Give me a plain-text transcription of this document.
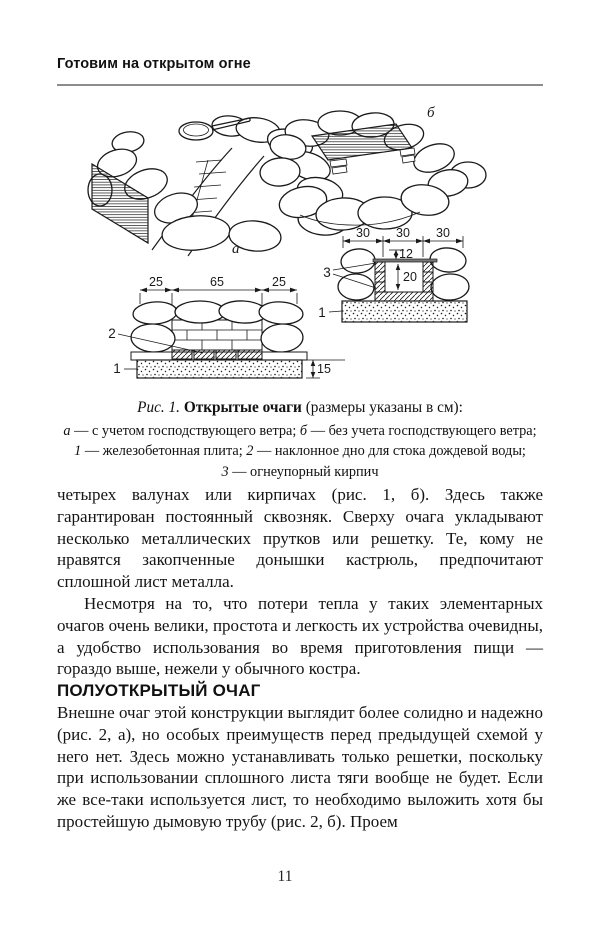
Готовим на открытом огне
а
б
30 30 30
12
20
3
1
25	65	25
15
2
1
Рис. 1. Открытые очаги (размеры указаны в см):
а — с учетом господствующего ветра; б — без учета господствующего ветра;
1 — железобетонная плита; 2 — наклонное дно для стока дождевой воды;
3 — огнеупорный кирпич

четырех валунах или кирпичах (рис. 1, б). Здесь также гарантирован постоянный сквозняк. Сверху очага укладывают несколько металлических прутков или решетку. Те, кому не нравятся закопченные донышки кастрюль, предпочитают сплошной лист металла.

Несмотря на то, что потери тепла у таких элементарных очагов очень велики, простота и легкость их устройства очевидны, а удобство использования во время приготовления пищи — гораздо выше, нежели у обычного костра.

ПОЛУОТКРЫТЫЙ ОЧАГ

Внешне очаг этой конструкции выглядит более солидно и надежно (рис. 2, а), но особых преимуществ перед предыдущей схемой у него нет. Здесь можно устанавливать только решетки, поскольку при использовании сплошного листа тяги вообще не будет. Если же все-таки используется лист, то необходимо выложить хотя бы простейшую дымовую трубу (рис. 2, б). Проем

11
